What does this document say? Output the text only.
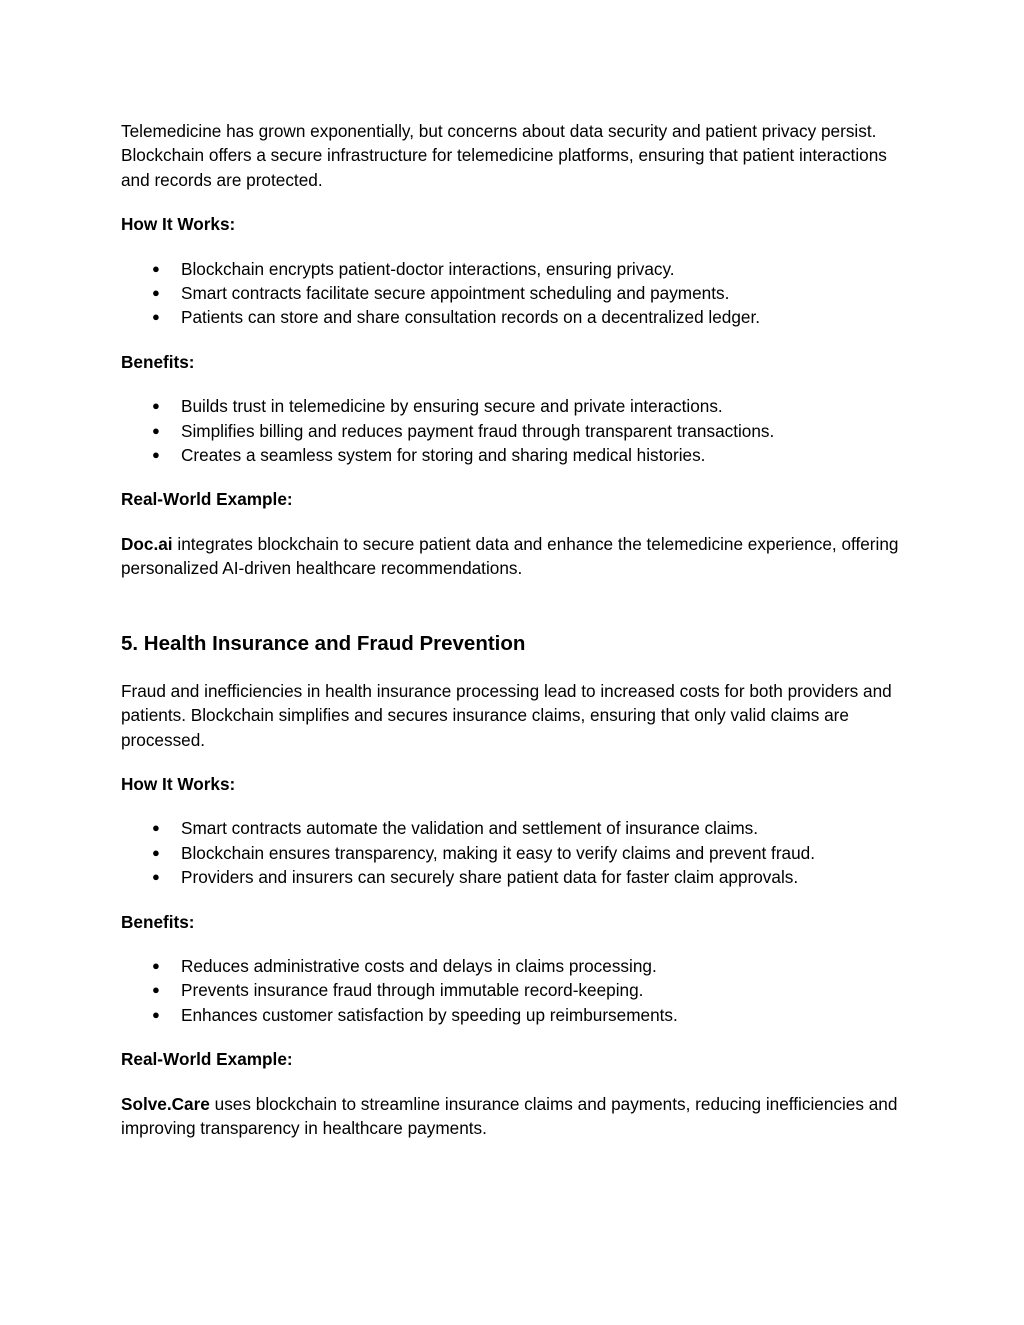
Telemedicine has grown exponentially, but concerns about data security and patient privacy persist. Blockchain offers a secure infrastructure for telemedicine platforms, ensuring that patient interactions and records are protected.

How It Works:

● Blockchain encrypts patient-doctor interactions, ensuring privacy.
● Smart contracts facilitate secure appointment scheduling and payments.
● Patients can store and share consultation records on a decentralized ledger.

Benefits:

● Builds trust in telemedicine by ensuring secure and private interactions.
● Simplifies billing and reduces payment fraud through transparent transactions.
● Creates a seamless system for storing and sharing medical histories.

Real-World Example:

Doc.ai integrates blockchain to secure patient data and enhance the telemedicine experience, offering personalized AI-driven healthcare recommendations.

5. Health Insurance and Fraud Prevention

Fraud and inefficiencies in health insurance processing lead to increased costs for both providers and patients. Blockchain simplifies and secures insurance claims, ensuring that only valid claims are processed.

How It Works:

● Smart contracts automate the validation and settlement of insurance claims.
● Blockchain ensures transparency, making it easy to verify claims and prevent fraud.
● Providers and insurers can securely share patient data for faster claim approvals.

Benefits:

● Reduces administrative costs and delays in claims processing.
● Prevents insurance fraud through immutable record-keeping.
● Enhances customer satisfaction by speeding up reimbursements.

Real-World Example:

Solve.Care uses blockchain to streamline insurance claims and payments, reducing inefficiencies and improving transparency in healthcare payments.
